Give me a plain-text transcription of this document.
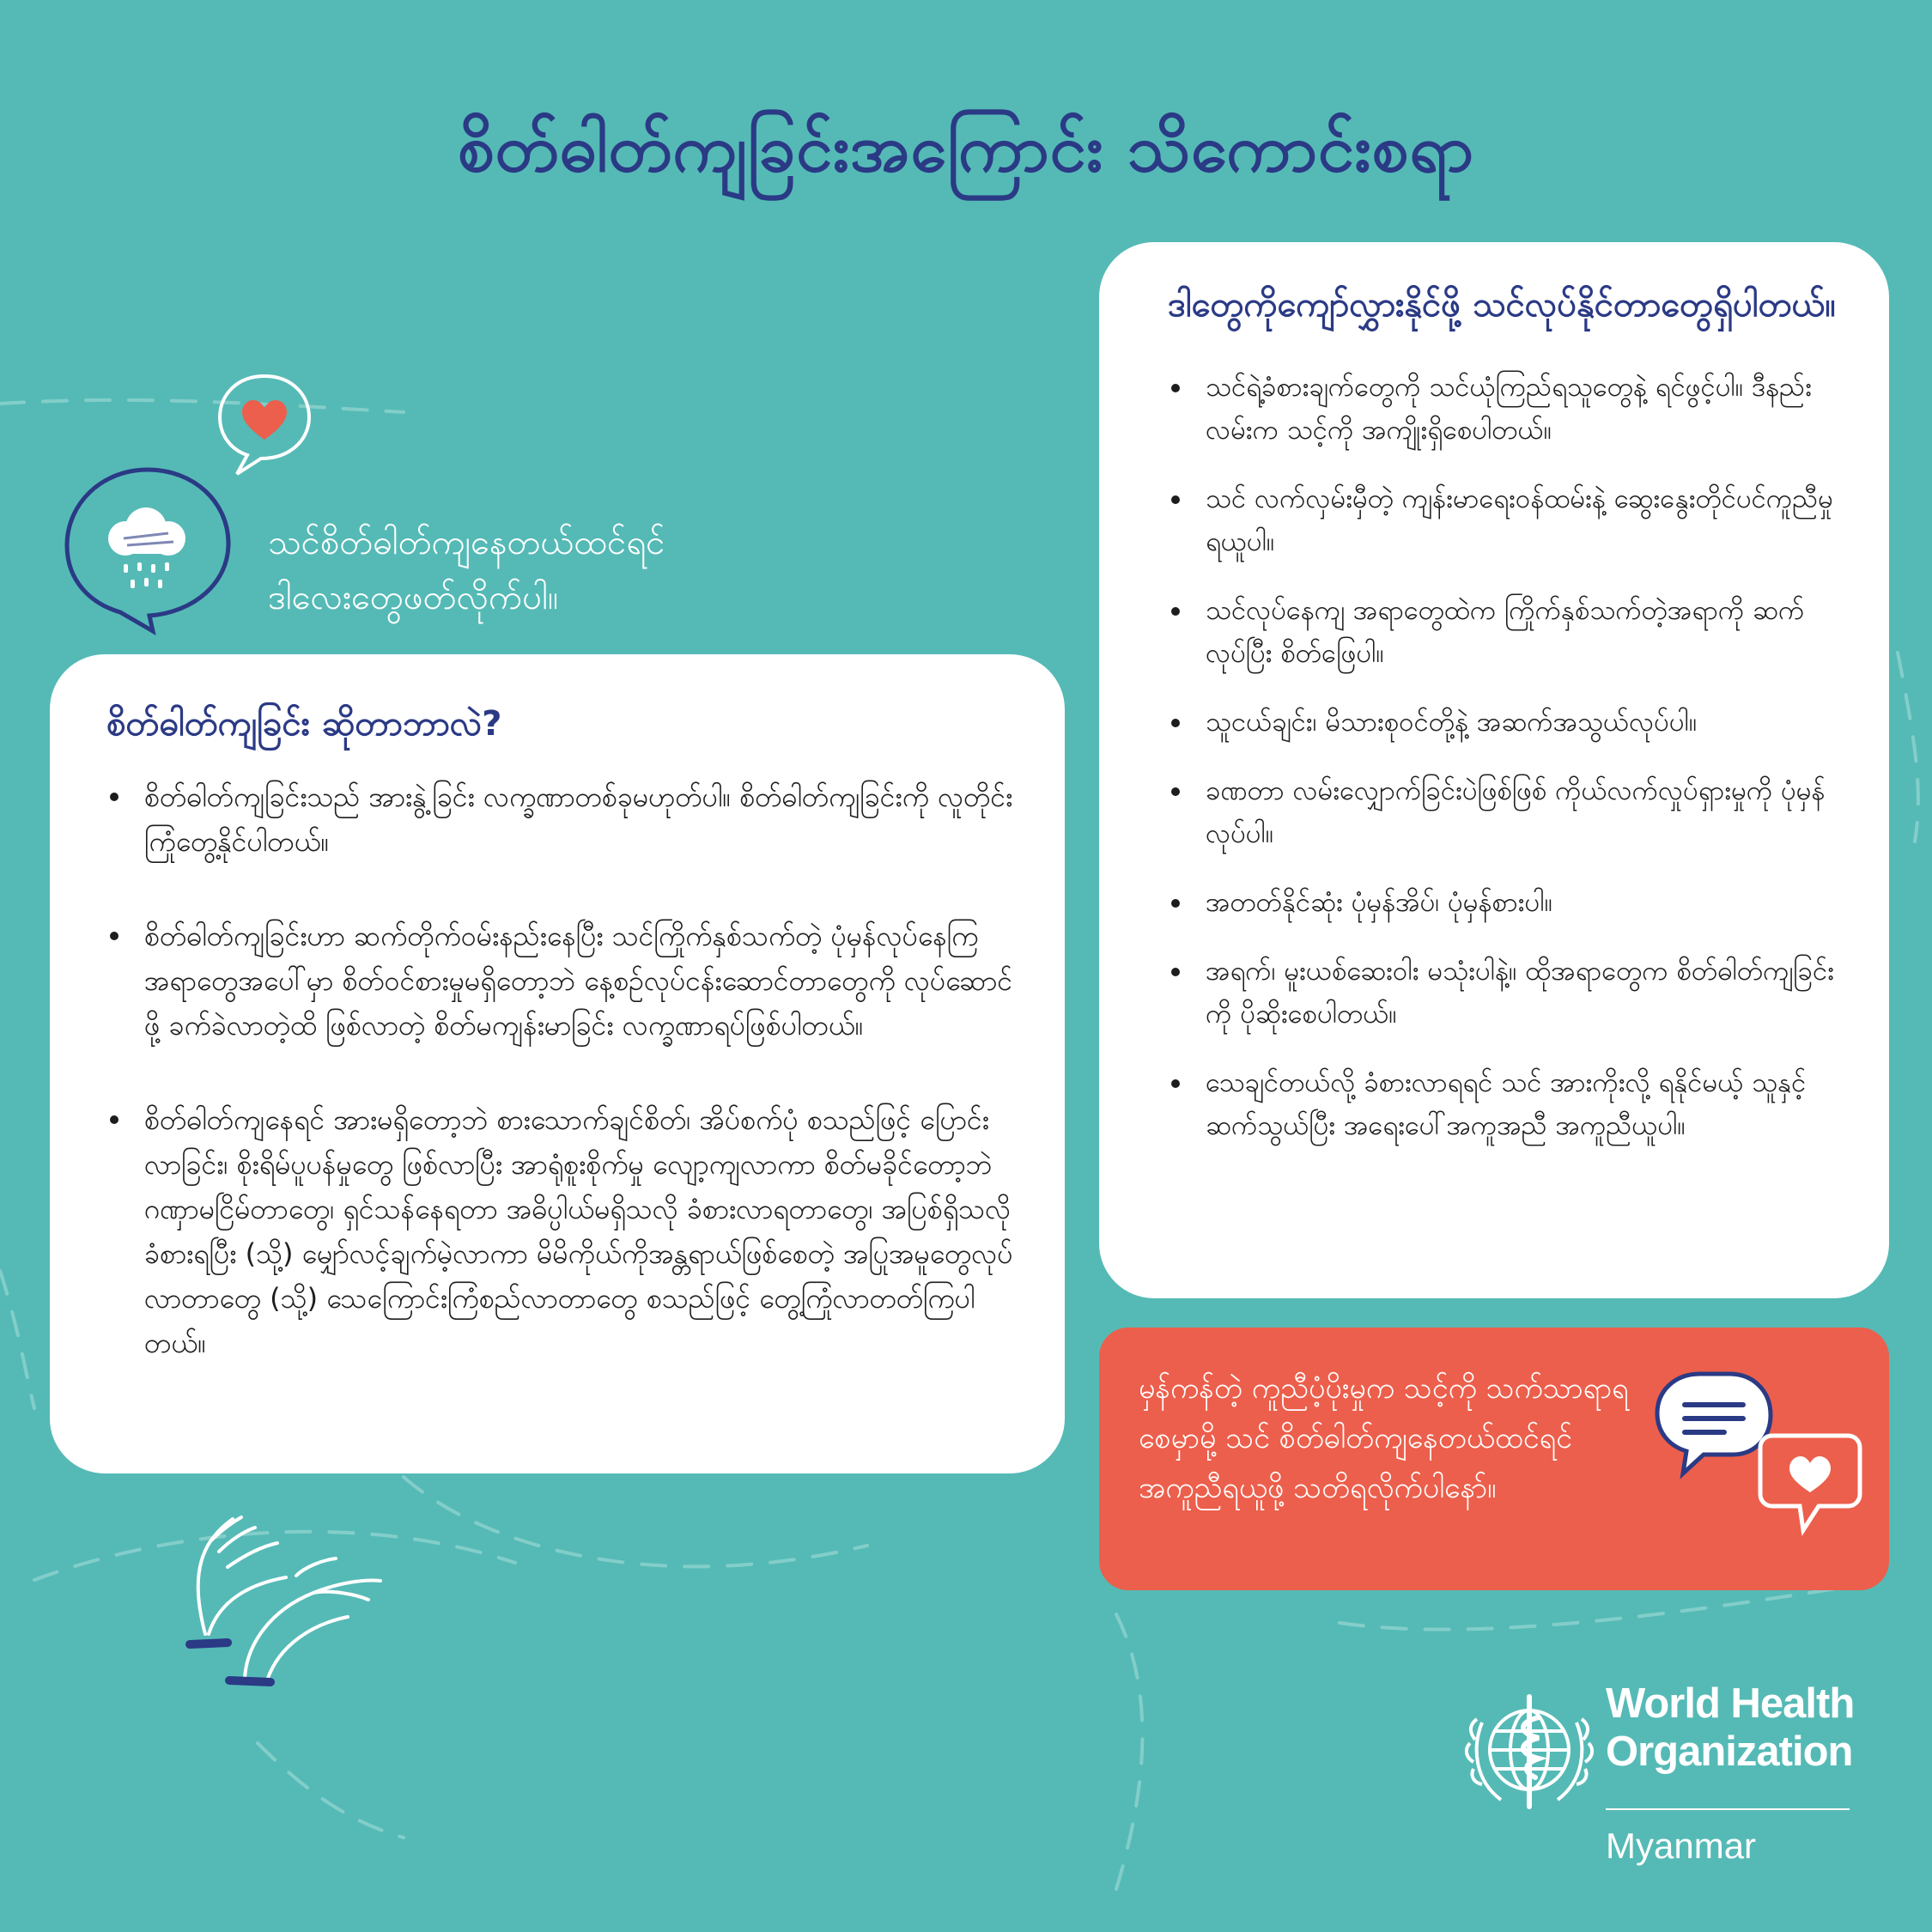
စိတ်ဓါတ်ကျခြင်းအကြောင်း သိကောင်းစရာ
သင်စိတ်ဓါတ်ကျနေတယ်ထင်ရင်
ဒါလေးတွေဖတ်လိုက်ပါ။
စိတ်ဓါတ်ကျခြင်း ဆိုတာဘာလဲ?
စိတ်ဓါတ်ကျခြင်းသည် အားနွဲ့ခြင်း လက္ခဏာတစ်ခုမဟုတ်ပါ။ စိတ်ဓါတ်ကျခြင်းကို လူတိုင်းကြုံတွေ့နိုင်ပါတယ်။
စိတ်ဓါတ်ကျခြင်းဟာ ဆက်တိုက်ဝမ်းနည်းနေပြီး သင်ကြိုက်နှစ်သက်တဲ့ ပုံမှန်လုပ်နေကြ အရာတွေအပေါ်မှာ စိတ်ဝင်စားမှုမရှိတော့ဘဲ နေ့စဥ်လုပ်ငန်းဆောင်တာတွေကို လုပ်ဆောင်ဖို့ ခက်ခဲလာတဲ့ထိ ဖြစ်လာတဲ့ စိတ်မကျန်းမာခြင်း လက္ခဏာရပ်ဖြစ်ပါတယ်။
စိတ်ဓါတ်ကျနေရင် အားမရှိတော့ဘဲ စားသောက်ချင်စိတ်၊ အိပ်စက်ပုံ စသည်ဖြင့် ပြောင်းလာခြင်း၊ စိုးရိမ်ပူပန်မှုတွေ ဖြစ်လာပြီး အာရုံစူးစိုက်မှု လျော့ကျလာကာ စိတ်မခိုင်တော့ဘဲ ဂဏှာမငြိမ်တာတွေ၊ ရှင်သန်နေရတာ အဓိပ္ပါယ်မရှိသလို ခံစားလာရတာတွေ၊ အပြစ်ရှိသလိုခံစားရပြီး (သို့) မျှော်လင့်ချက်မဲ့လာကာ မိမိကိုယ်ကိုအန္တရာယ်ဖြစ်စေတဲ့ အပြုအမူတွေလုပ်လာတာတွေ (သို့) သေကြောင်းကြံစည်လာတာတွေ စသည်ဖြင့် တွေ့ကြုံလာတတ်ကြပါတယ်။
ဒါတွေကိုကျော်လွှားနိုင်ဖို့ သင်လုပ်နိုင်တာတွေရှိပါတယ်။
သင်ရဲ့ခံစားချက်တွေကို သင်ယုံကြည်ရသူတွေနဲ့ ရင်ဖွင့်ပါ။ ဒီနည်းလမ်းက သင့်ကို အကျိုးရှိစေပါတယ်။
သင် လက်လှမ်းမှီတဲ့ ကျန်းမာရေးဝန်ထမ်းနဲ့ ဆွေးနွေးတိုင်ပင်ကူညီမှုရယူပါ။
သင်လုပ်နေကျ အရာတွေထဲက ကြိုက်နှစ်သက်တဲ့အရာကို ဆက်လုပ်ပြီး စိတ်ဖြေပါ။
သူငယ်ချင်း၊ မိသားစုဝင်တို့နဲ့ အဆက်အသွယ်လုပ်ပါ။
ခဏတာ လမ်းလျှောက်ခြင်းပဲဖြစ်ဖြစ် ကိုယ်လက်လှုပ်ရှားမှုကို ပုံမှန်လုပ်ပါ။
အတတ်နိုင်ဆုံး ပုံမှန်အိပ်၊ ပုံမှန်စားပါ။
အရက်၊ မူးယစ်ဆေးဝါး မသုံးပါနဲ့။ ထိုအရာတွေက စိတ်ဓါတ်ကျခြင်းကို ပိုဆိုးစေပါတယ်။
သေချင်တယ်လို့ ခံစားလာရရင် သင် အားကိုးလို့ ရနိုင်မယ့် သူနှင့်ဆက်သွယ်ပြီး အရေးပေါ်အကူအညီ အကူညီယူပါ။
မှန်ကန်တဲ့ ကူညီပံ့ပိုးမှုက သင့်ကို သက်သာရာရစေမှာမို့ သင် စိတ်ဓါတ်ကျနေတယ်ထင်ရင် အကူညီရယူဖို့ သတိရလိုက်ပါနော်။
World Health
Organization
Myanmar
